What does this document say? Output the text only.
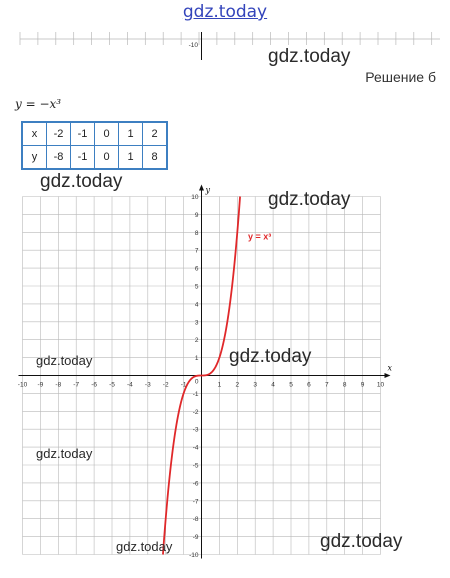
gdz.today
-10
x
y
-10 -9 -8 -7 -6 -5 -4 -3 -2 -1	1 2 3 4 5 6 7 8 9 10
-10
-9
-8
-7
-6
-5
-4
-3
-2
-1
1
2
3
4
5
6
7
8
9
10
0
y = x³
gdz.today
Решение б
y = −x³
x	-2	-1	0	1	2
y	-8	-1	0	1	8
gdz.today
gdz.today
gdz.today
gdz.today
gdz.today
gdz.today	gdz.today
